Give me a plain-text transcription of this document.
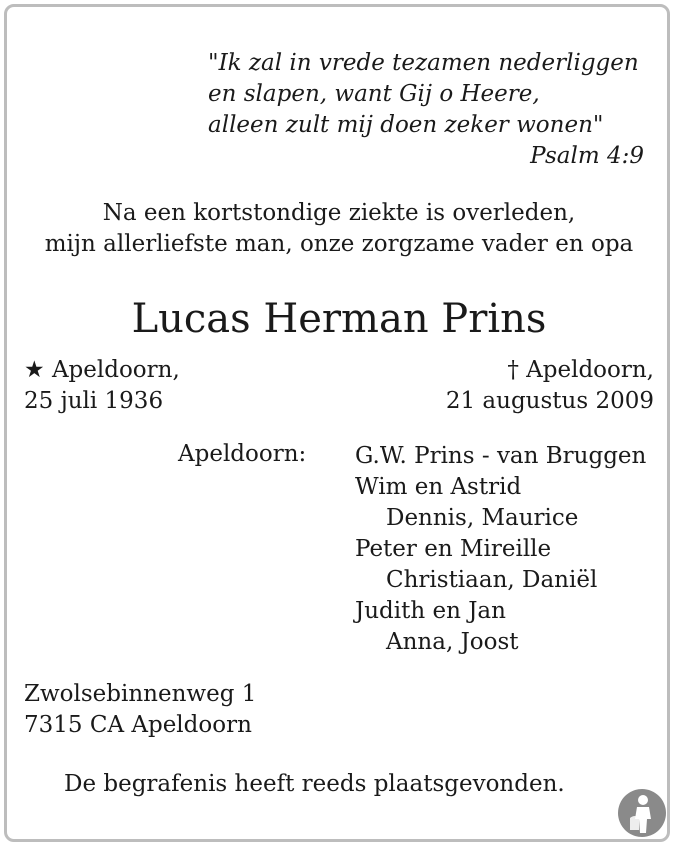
"Ik zal in vrede tezamen nederliggen
en slapen, want Gij o Heere,
alleen zult mij doen zeker wonen"
Psalm 4:9
Na een kortstondige ziekte is overleden,
mijn allerliefste man, onze zorgzame vader en opa
Lucas Herman Prins
★ Apeldoorn,
25 juli 1936
† Apeldoorn,
21 augustus 2009
Apeldoorn: G.W. Prins - van Bruggen
Wim en Astrid
Dennis, Maurice
Peter en Mireille
Christiaan, Daniël
Judith en Jan
Anna, Joost
Zwolsebinnenweg 1
7315 CA Apeldoorn
De begrafenis heeft reeds plaatsgevonden.
